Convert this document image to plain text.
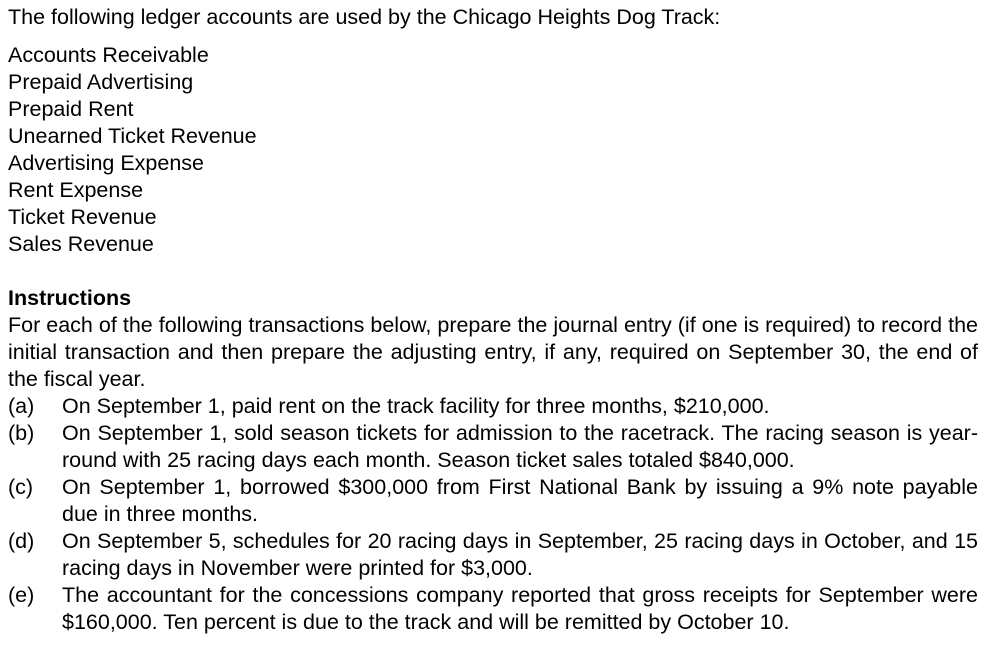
The following ledger accounts are used by the Chicago Heights Dog Track:

Accounts Receivable
Prepaid Advertising
Prepaid Rent
Unearned Ticket Revenue
Advertising Expense
Rent Expense
Ticket Revenue
Sales Revenue

Instructions

For each of the following transactions below, prepare the journal entry (if one is required) to record the initial transaction and then prepare the adjusting entry, if any, required on September 30, the end of the fiscal year.

(a)	On September 1, paid rent on the track facility for three months, $210,000.
(b)	On September 1, sold season tickets for admission to the racetrack. The racing season is year-round with 25 racing days each month. Season ticket sales totaled $840,000.
(c)	On September 1, borrowed $300,000 from First National Bank by issuing a 9% note payable due in three months.
(d)	On September 5, schedules for 20 racing days in September, 25 racing days in October, and 15 racing days in November were printed for $3,000.
(e)	The accountant for the concessions company reported that gross receipts for September were $160,000. Ten percent is due to the track and will be remitted by October 10.
